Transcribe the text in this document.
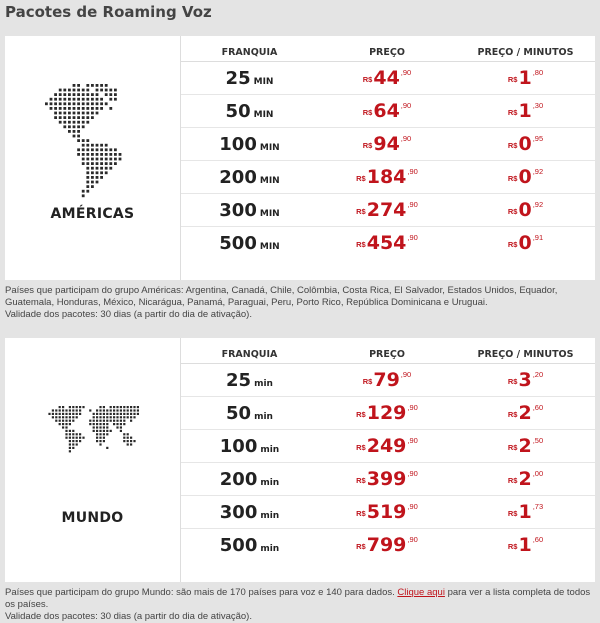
Pacotes de Roaming Voz
AMÉRICAS
FRANQUIA	PREÇO	PREÇO / MINUTOS
25 MIN	$R\$44^{,90}$	$R\$1^{,80}$
50 MIN	$R\$64^{,90}$	$R\$1^{,30}$
100 MIN	$R\$94^{,90}$	$R\$0^{,95}$
200 MIN	$R\$184^{,90}$	$R\$0^{,92}$
300 MIN	$R\$274^{,90}$	$R\$0^{,92}$
500 MIN	$R\$454^{,90}$	$R\$0^{,91}$
Países que participam do grupo Américas: Argentina, Canadá, Chile, Colômbia, Costa Rica, El Salvador, Estados Unidos, Equador, Guatemala, Honduras, México, Nicarágua, Panamá, Paraguai, Peru, Porto Rico, República Dominicana e Uruguai.
Validade dos pacotes: 30 dias (a partir do dia de ativação).
MUNDO
FRANQUIA	PREÇO	PREÇO / MINUTOS
25 min	$R\$79^{,90}$	$R\$3^{,20}$
50 min	$R\$129^{,90}$	$R\$2^{,60}$
100 min	$R\$249^{,90}$	$R\$2^{,50}$
200 min	$R\$399^{,90}$	$R\$2^{,00}$
300 min	$R\$519^{,90}$	$R\$1^{,73}$
500 min	$R\$799^{,90}$	$R\$1^{,60}$
Países que participam do grupo Mundo: são mais de 170 países para voz e 140 para dados. Clique aqui para ver a lista completa de todos os países.
Validade dos pacotes: 30 dias (a partir do dia de ativação).
